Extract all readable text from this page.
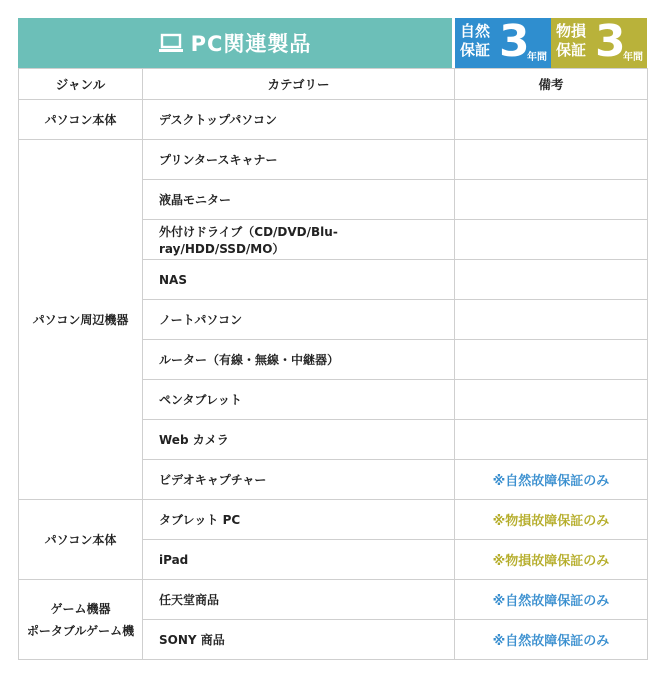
PC関連製品
自然
保証 3
年間
物損
保証 3
年間
ジャンル	カテゴリー	備考
パソコン本体	デスクトップパソコン	
パソコン周辺機器	プリンタースキャナー	
	液晶モニター	
	外付けドライブ（CD/DVD/Blu-ray/HDD/SSD/MO）	
	NAS	
	ノートパソコン	
	ルーター（有線・無線・中継器）	
	ペンタブレット	
	Web カメラ	
	ビデオキャプチャー	※自然故障保証のみ
パソコン本体	タブレット PC	※物損故障保証のみ
	iPad	※物損故障保証のみ
ゲーム機器
ポータブルゲーム機	任天堂商品	※自然故障保証のみ
	SONY 商品	※自然故障保証のみ
